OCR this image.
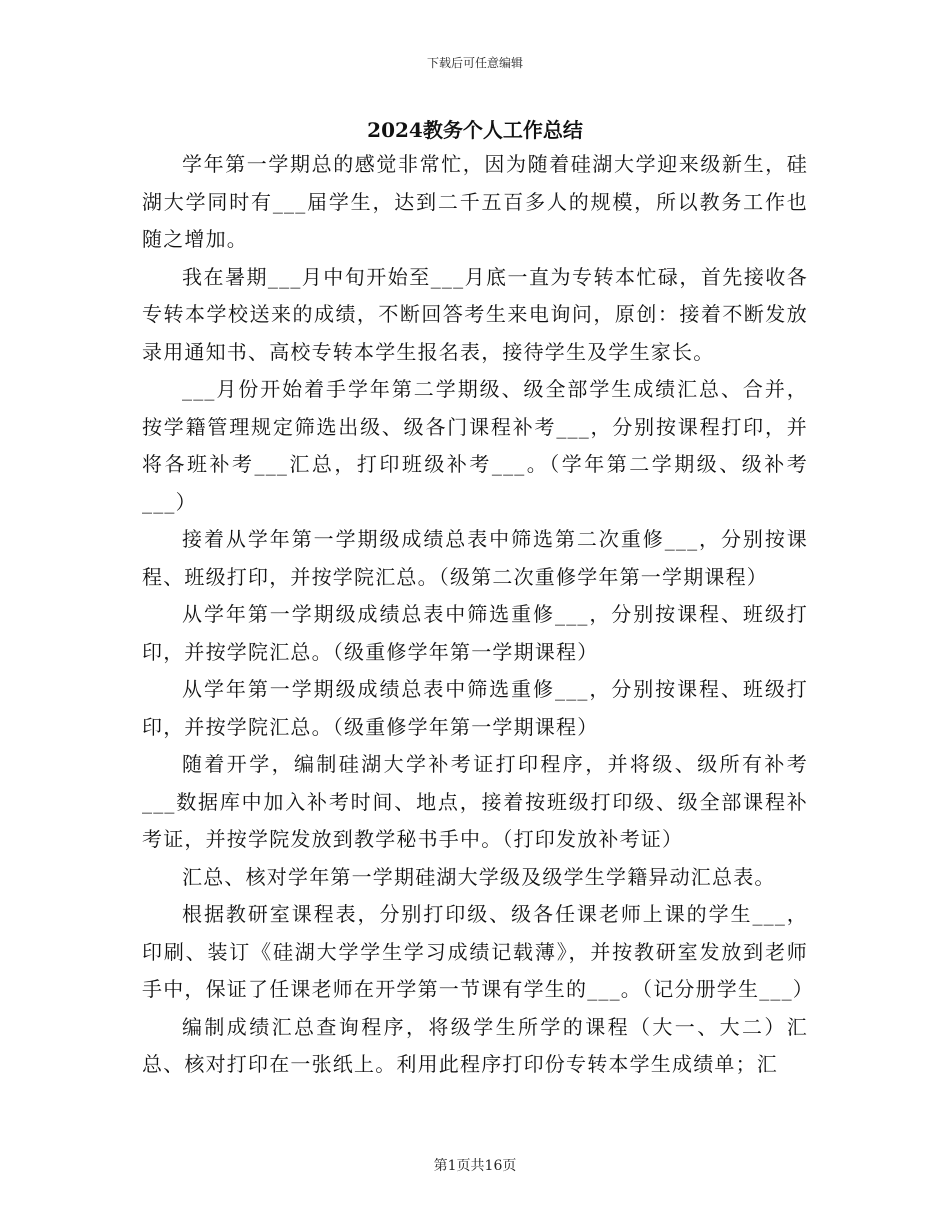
下载后可任意编辑
2024教务个人工作总结

学年第一学期总的感觉非常忙，因为随着硅湖大学迎来级新生，硅湖大学同时有___届学生，达到二千五百多人的规模，所以教务工作也随之增加。

我在暑期___月中旬开始至___月底一直为专转本忙碌，首先接收各专转本学校送来的成绩，不断回答考生来电询问，原创：接着不断发放录用通知书、高校专转本学生报名表，接待学生及学生家长。

___月份开始着手学年第二学期级、级全部学生成绩汇总、合并，按学籍管理规定筛选出级、级各门课程补考___，分别按课程打印，并将各班补考___汇总，打印班级补考___。（学年第二学期级、级补考___）

接着从学年第一学期级成绩总表中筛选第二次重修___，分别按课程、班级打印，并按学院汇总。（级第二次重修学年第一学期课程）

从学年第一学期级成绩总表中筛选重修___，分别按课程、班级打印，并按学院汇总。（级重修学年第一学期课程）

从学年第一学期级成绩总表中筛选重修___，分别按课程、班级打印，并按学院汇总。（级重修学年第一学期课程）

随着开学，编制硅湖大学补考证打印程序，并将级、级所有补考___数据库中加入补考时间、地点，接着按班级打印级、级全部课程补考证，并按学院发放到教学秘书手中。（打印发放补考证）

汇总、核对学年第一学期硅湖大学级及级学生学籍异动汇总表。

根据教研室课程表，分别打印级、级各任课老师上课的学生___，印刷、装订《硅湖大学学生学习成绩记载薄》，并按教研室发放到老师手中，保证了任课老师在开学第一节课有学生的___。（记分册学生___）

编制成绩汇总查询程序，将级学生所学的课程（大一、大二）汇总、核对打印在一张纸上。利用此程序打印份专转本学生成绩单；汇

第1页共16页
